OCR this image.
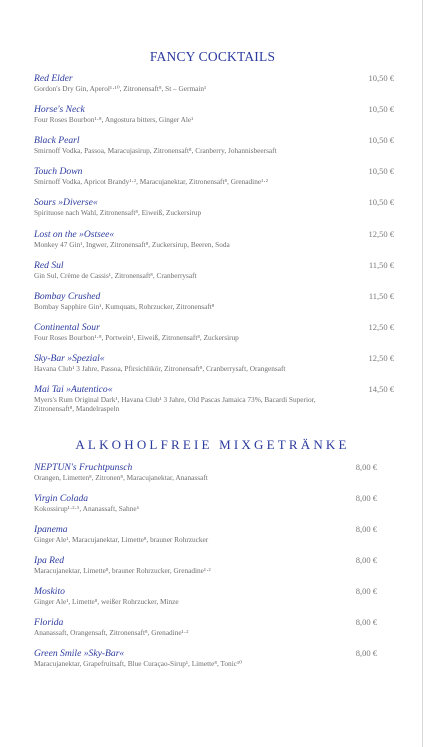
FANCY COCKTAILS
Red Elder
Gordon's Dry Gin, Aperol¹·¹⁰, Zitronensaft⁸, St – Germain¹
10,50 €
Horse's Neck
Four Roses Bourbon¹·⁸, Angostura bitters, Ginger Ale¹
10,50 €
Black Pearl
Smirnoff Vodka, Passoa, Maracujasirup, Zitronensaft⁸, Cranberry, Johannisbeersaft
10,50 €
Touch Down
Smirnoff Vodka, Apricot Brandy¹·², Maracujanektar, Zitronensaft⁸, Grenadine¹·²
10,50 €
Sours »Diverse«
Spirituose nach Wahl, Zitronensaft⁸, Eiweiß, Zuckersirup
10,50 €
Lost on the »Ostsee«
Monkey 47 Gin¹, Ingwer, Zitronensaft⁸, Zuckersirup, Beeren, Soda
12,50 €
Red Sul
Gin Sul, Crème de Cassis¹, Zitronensaft⁸, Cranberrysaft
11,50 €
Bombay Crushed
Bombay Sapphire Gin¹, Kumquats, Rohrzucker, Zitronensaft⁸
11,50 €
Continental Sour
Four Roses Bourbon¹·⁸, Portwein¹, Eiweiß, Zitronensaft⁸, Zuckersirup
12,50 €
Sky-Bar »Spezial«
Havana Club¹ 3 Jahre, Passoa, Pfirsichlikör, Zitronensaft⁸, Cranberrysaft, Orangensaft
12,50 €
Mai Tai »Autentico«
Myers's Rum Original Dark¹, Havana Club¹ 3 Jahre, Old Pascas Jamaica 73%, Bacardi Superior, Zitronensaft⁸, Mandelraspeln
14,50 €
ALKOHOLFREIE MIXGETRÄNKE
NEPTUN's Fruchtpunsch
Orangen, Limetten⁸, Zitronen⁸, Maracujanektar, Ananassaft
8,00 €
Virgin Colada
Kokossirup¹·²·⁵, Ananassaft, Sahne⁶
8,00 €
Ipanema
Ginger Ale¹, Maracujanektar, Limette⁸, brauner Rohrzucker
8,00 €
Ipa Red
Maracujanektar, Limette⁸, brauner Rohrzucker, Grenadine¹·²
8,00 €
Moskito
Ginger Ale¹, Limette⁸, weißer Rohrzucker, Minze
8,00 €
Florida
Ananassaft, Orangensaft, Zitronensaft⁸, Grenadine¹·²
8,00 €
Green Smile »Sky-Bar«
Maracujanektar, Grapefruitsaft, Blue Curaçao-Sirup¹, Limette⁸, Tonic¹⁰
8,00 €
